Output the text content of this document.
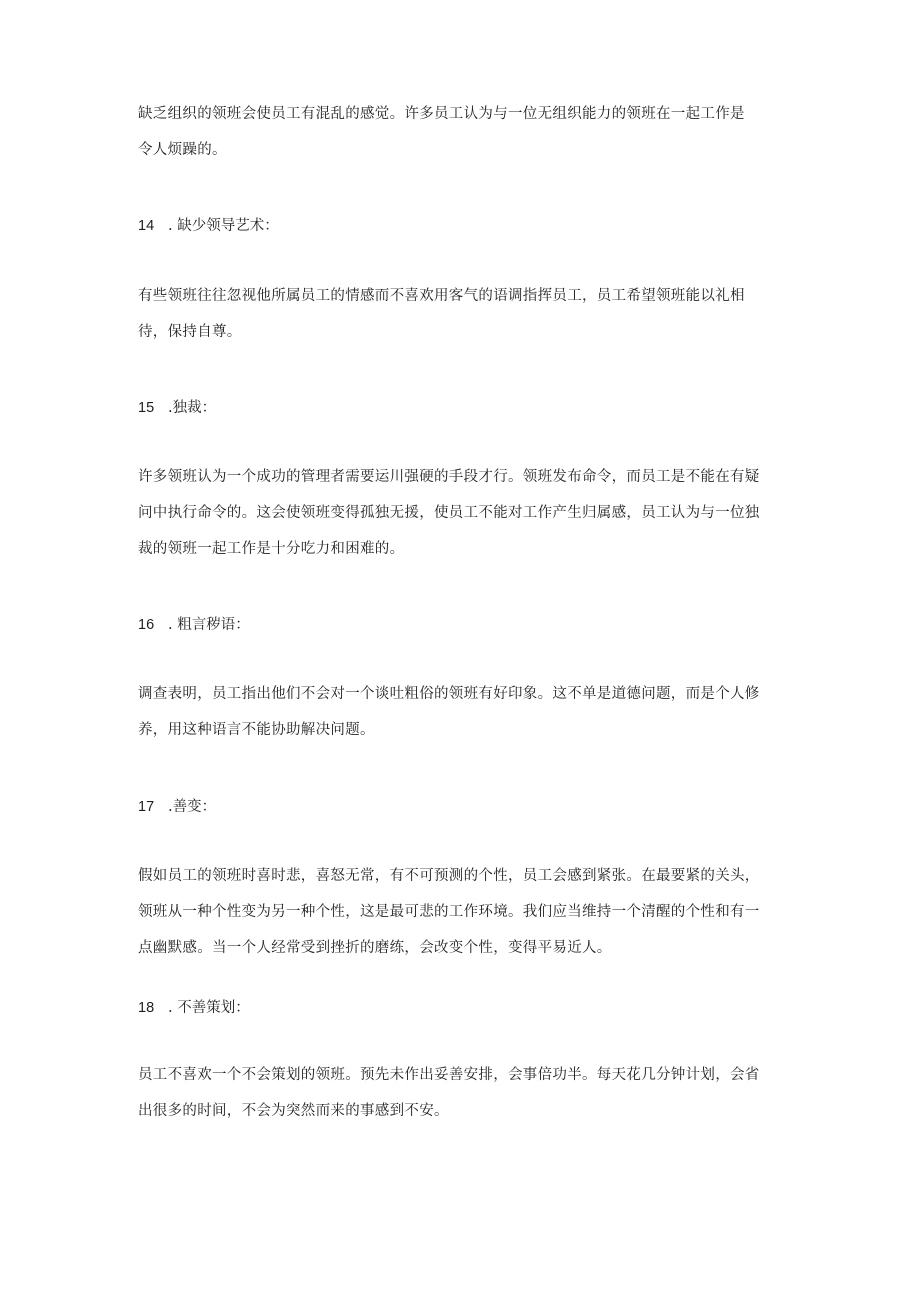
缺乏组织的领班会使员工有混乱的感觉。许多员工认为与一位无组织能力的领班在一起工作是
令人烦躁的。

14 . 缺少领导艺术：

有些领班往往忽视他所属员工的情感而不喜欢用客气的语调指挥员工，员工希望领班能以礼相
待，保持自尊。

15 .独裁：

许多领班认为一个成功的管理者需要运川强硬的手段才行。领班发布命令，而员工是不能在有疑
问中执行命令的。这会使领班变得孤独无援，使员工不能对工作产生归属感，员工认为与一位独
裁的领班一起工作是十分吃力和困难的。

16 . 粗言秽语：

调查表明，员工指出他们不会对一个谈吐粗俗的领班有好印象。这不单是道德问题，而是个人修
养，用这种语言不能协助解决问题。

17 .善变：

假如员工的领班时喜时悲，喜怒无常，有不可预测的个性，员工会感到紧张。在最要紧的关头，
领班从一种个性变为另一种个性，这是最可悲的工作环境。我们应当维持一个清醒的个性和有一
点幽默感。当一个人经常受到挫折的磨练，会改变个性，变得平易近人。

18 . 不善策划：

员工不喜欢一个不会策划的领班。预先未作出妥善安排，会事倍功半。每天花几分钟计划，会省
出很多的时间，不会为突然而来的事感到不安。
